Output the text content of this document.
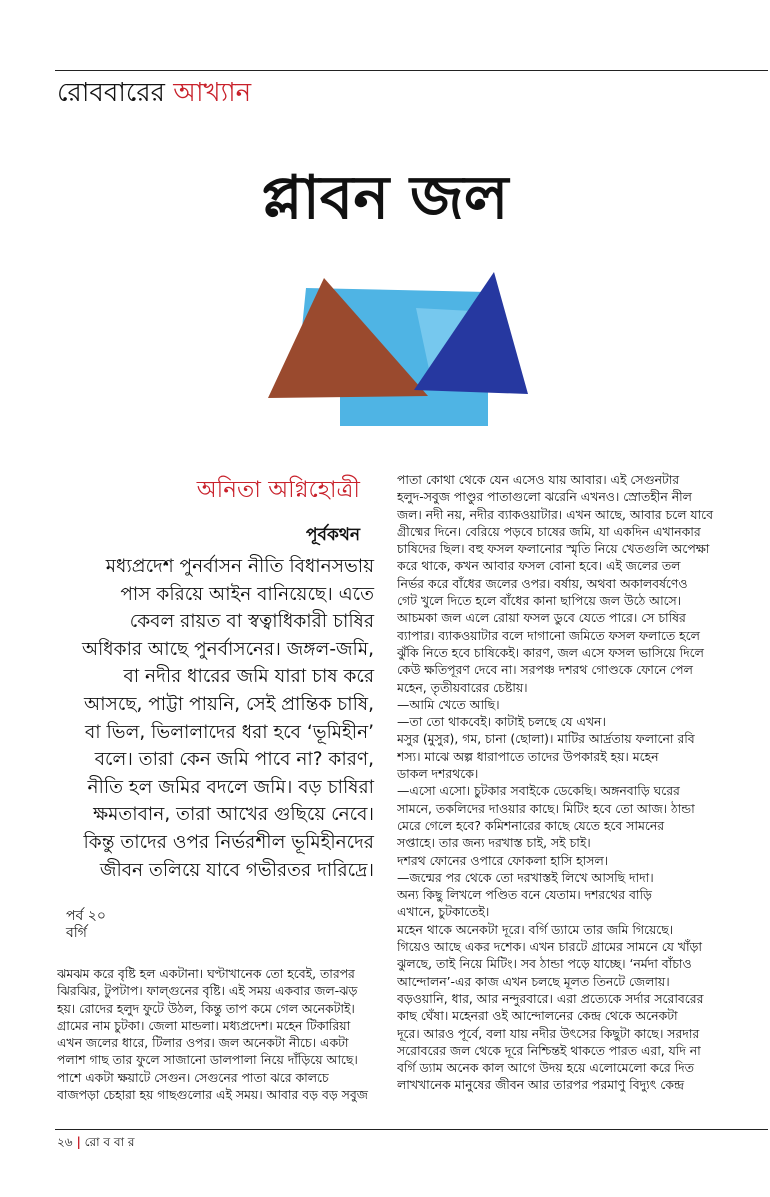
রোববারের আখ্যান
প্লাবন জল
অনিতা অগ্নিহোত্রী
পূর্বকথন
মধ্যপ্রদেশ পুনর্বাসন নীতি বিধানসভায়
পাস করিয়ে আইন বানিয়েছে। এতে
কেবল রায়ত বা স্বত্বাধিকারী চাষির
অধিকার আছে পুনর্বাসনের। জঙ্গল-জমি,
বা নদীর ধারের জমি যারা চাষ করে
আসছে, পাট্টা পায়নি, সেই প্রান্তিক চাষি,
বা ভিল, ভিলালাদের ধরা হবে ‘ভূমিহীন’
বলে। তারা কেন জমি পাবে না? কারণ,
নীতি হল জমির বদলে জমি। বড় চাষিরা
ক্ষমতাবান, তারা আখের গুছিয়ে নেবে।
কিন্তু তাদের ওপর নির্ভরশীল ভূমিহীনদের
জীবন তলিয়ে যাবে গভীরতর দারিদ্রে।
পর্ব ২০
বর্গি
ঝমঝম করে বৃষ্টি হল একটানা। ঘণ্টাখানেক তো হবেই, তারপর
ঝিরঝির, টুপটাপ। ফাল্গুনের বৃষ্টি। এই সময় একবার জল-ঝড়
হয়। রোদের হলুদ ফুটে উঠল, কিন্তু তাপ কমে গেল অনেকটাই।
গ্রামের নাম চুটকা। জেলা মান্ডলা। মধ্যপ্রদেশ। মহেন টিকারিয়া
এখন জলের ধারে, টিলার ওপর। জল অনেকটা নীচে। একটা
পলাশ গাছ তার ফুলে সাজানো ডালপালা নিয়ে দাঁড়িয়ে আছে।
পাশে একটা ক্ষয়াটে সেগুন। সেগুনের পাতা ঝরে কালচে
বাজপড়া চেহারা হয় গাছগুলোর এই সময়। আবার বড় বড় সবুজ
পাতা কোথা থেকে যেন এসেও যায় আবার। এই সেগুনটার
হলুদ-সবুজ পাণ্ডুর পাতাগুলো ঝরেনি এখনও। স্রোতহীন নীল
জল। নদী নয়, নদীর ব্যাকওয়াটার। এখন আছে, আবার চলে যাবে
গ্রীষ্মের দিনে। বেরিয়ে পড়বে চাষের জমি, যা একদিন এখানকার
চাষিদের ছিল। বহু ফসল ফলানোর স্মৃতি নিয়ে খেতগুলি অপেক্ষা
করে থাকে, কখন আবার ফসল বোনা হবে। এই জলের তল
নির্ভর করে বাঁধের জলের ওপর। বর্ষায়, অথবা অকালবর্ষণেও
গেট খুলে দিতে হলে বাঁধের কানা ছাপিয়ে জল উঠে আসে।
আচমকা জল এলে রোয়া ফসল ডুবে যেতে পারে। সে চাষির
ব্যাপার। ব্যাকওয়াটার বলে দাগানো জমিতে ফসল ফলাতে হলে
ঝুঁকি নিতে হবে চাষিকেই। কারণ, জল এসে ফসল ভাসিয়ে দিলে
কেউ ক্ষতিপূরণ দেবে না। সরপঞ্চ দশরথ গোণ্ডকে ফোনে পেল
মহেন, তৃতীয়বারের চেষ্টায়।
—আমি খেতে আছি।
—তা তো থাকবেই। কাটাই চলছে যে এখন।
মসুর (মুসুর), গম, চানা (ছোলা)। মাটির আর্দ্রতায় ফলানো রবি
শস্য। মাঝে অল্প ধারাপাতে তাদের উপকারই হয়। মহেন
ডাকল দশরথকে।
—এসো এসো। চুটকার সবাইকে ডেকেছি। অঙ্গনবাড়ি ঘরের
সামনে, তকলিদের দাওয়ার কাছে। মিটিং হবে তো আজ। ঠান্ডা
মেরে গেলে হবে? কমিশনারের কাছে যেতে হবে সামনের
সপ্তাহে। তার জন্য দরখাস্ত চাই, সই চাই।
দশরথ ফোনের ওপারে ফোকলা হাসি হাসল।
—জন্মের পর থেকে তো দরখাস্তই লিখে আসছি দাদা।
অন্য কিছু লিখলে পণ্ডিত বনে যেতাম। দশরথের বাড়ি
এখানে, চুটকাতেই।
মহেন থাকে অনেকটা দূরে। বর্গি ড্যামে তার জমি গিয়েছে।
গিয়েও আছে একর দশেক। এখন চারটে গ্রামের সামনে যে খাঁড়া
ঝুলছে, তাই নিয়ে মিটিং। সব ঠান্ডা পড়ে যাচ্ছে। ‘নর্মদা বাঁচাও
আন্দোলন’-এর কাজ এখন চলছে মূলত তিনটে জেলায়।
বড়ওয়ানি, ধার, আর নন্দুরবারে। এরা প্রত্যেকে সর্দার সরোবরের
কাছ ঘেঁষা। মহেনরা ওই আন্দোলনের কেন্দ্র থেকে অনেকটা
দূরে। আরও পূর্বে, বলা যায় নদীর উৎসের কিছুটা কাছে। সরদার
সরোবরের জল থেকে দূরে নিশ্চিন্তই থাকতে পারত এরা, যদি না
বর্গি ড্যাম অনেক কাল আগে উদয় হয়ে এলোমেলো করে দিত
লাখখানেক মানুষের জীবন আর তারপর পরমাণু বিদ্যুৎ কেন্দ্র
২৬ | রো ব বা র
